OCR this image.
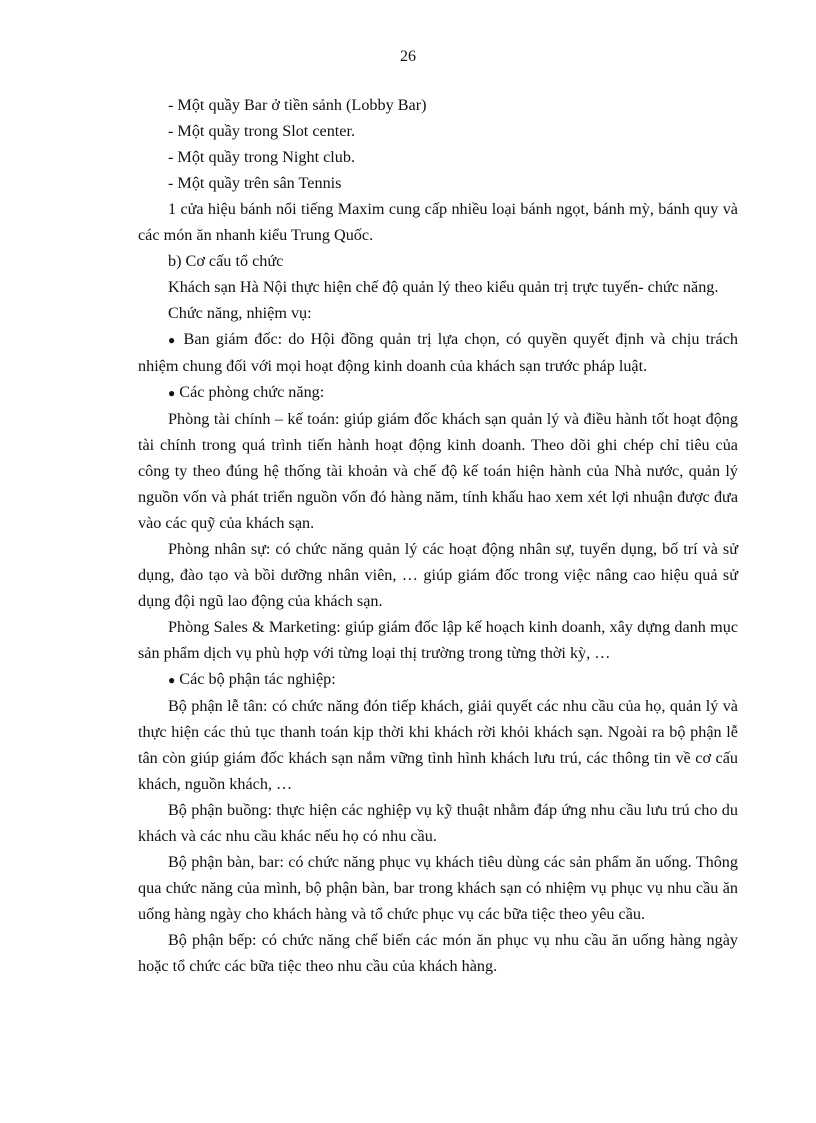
26

- Một quầy Bar ở tiền sảnh (Lobby Bar)

- Một quầy trong Slot center.

- Một quầy trong Night club.

- Một quầy trên sân Tennis

1 cửa hiệu bánh nổi tiếng Maxim cung cấp nhiều loại bánh ngọt, bánh mỳ, bánh quy và các món ăn nhanh kiểu Trung Quốc.

b) Cơ cấu tổ chức

Khách sạn Hà Nội thực hiện chế độ quản lý theo kiểu quản trị trực tuyến- chức năng.

Chức năng, nhiệm vụ:

● Ban giám đốc: do Hội đồng quản trị lựa chọn, có quyền quyết định và chịu trách nhiệm chung đối với mọi hoạt động kinh doanh của khách sạn trước pháp luật.

● Các phòng chức năng:

Phòng tài chính – kế toán: giúp giám đốc khách sạn quản lý và điều hành tốt hoạt động tài chính trong quá trình tiến hành hoạt động kinh doanh. Theo dõi ghi chép chỉ tiêu của công ty theo đúng hệ thống tài khoản và chế độ kế toán hiện hành của Nhà nước, quản lý nguồn vốn và phát triển nguồn vốn đó hàng năm, tính khấu hao xem xét lợi nhuận được đưa vào các quỹ của khách sạn.

Phòng nhân sự: có chức năng quản lý các hoạt động nhân sự, tuyển dụng, bố trí và sử dụng, đào tạo và bồi dưỡng nhân viên, … giúp giám đốc trong việc nâng cao hiệu quả sử dụng đội ngũ lao động của khách sạn.

Phòng Sales & Marketing: giúp giám đốc lập kế hoạch kinh doanh, xây dựng danh mục sản phẩm dịch vụ phù hợp với từng loại thị trường trong từng thời kỳ, …

● Các bộ phận tác nghiệp:

Bộ phận lễ tân: có chức năng đón tiếp khách, giải quyết các nhu cầu của họ, quản lý và thực hiện các thủ tục thanh toán kịp thời khi khách rời khỏi khách sạn. Ngoài ra bộ phận lễ tân còn giúp giám đốc khách sạn nắm vững tình hình khách lưu trú, các thông tin về cơ cấu khách, nguồn khách, …

Bộ phận buồng: thực hiện các nghiệp vụ kỹ thuật nhằm đáp ứng nhu cầu lưu trú cho du khách và các nhu cầu khác nếu họ có nhu cầu.

Bộ phận bàn, bar: có chức năng phục vụ khách tiêu dùng các sản phẩm ăn uống. Thông qua chức năng của mình, bộ phận bàn, bar trong khách sạn có nhiệm vụ phục vụ nhu cầu ăn uống hàng ngày cho khách hàng và tổ chức phục vụ các bữa tiệc theo yêu cầu.

Bộ phận bếp: có chức năng chế biến các món ăn phục vụ nhu cầu ăn uống hàng ngày hoặc tổ chức các bữa tiệc theo nhu cầu của khách hàng.
